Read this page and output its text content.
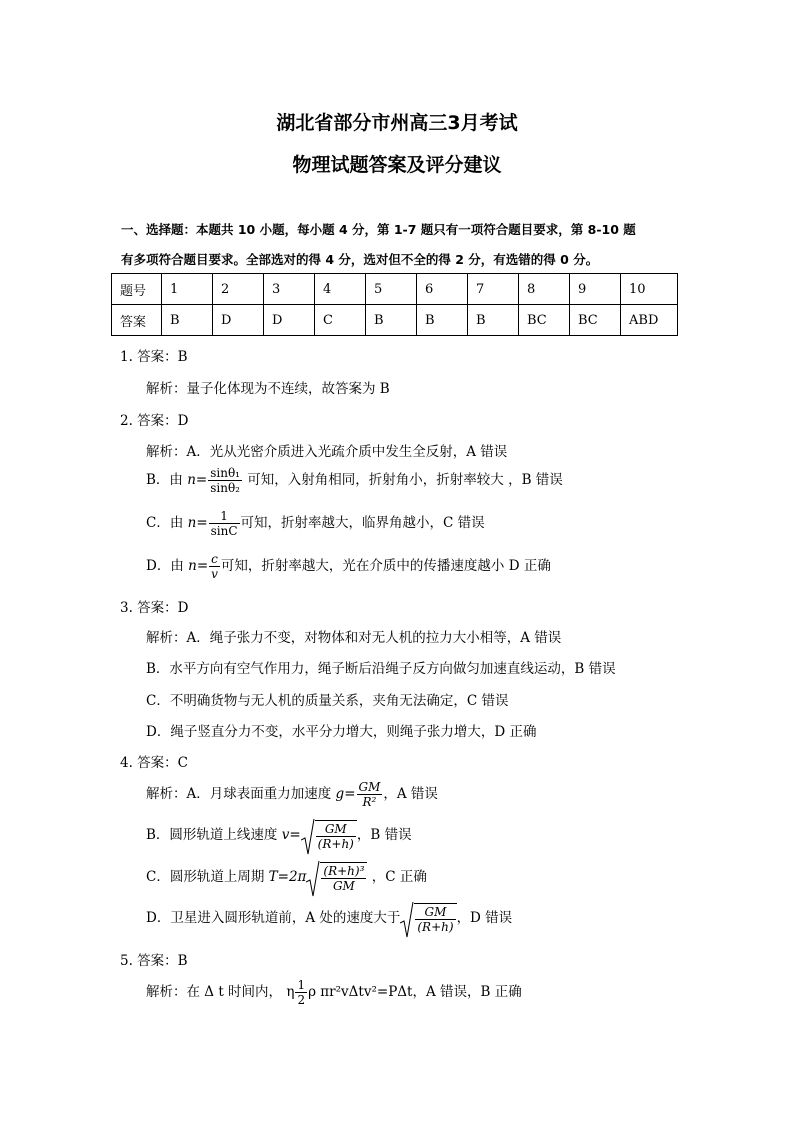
湖北省部分市州高三3月考试
物理试题答案及评分建议
一、选择题：本题共 10 小题，每小题 4 分，第 1-7 题只有一项符合题目要求，第 8-10 题
有多项符合题目要求。全部选对的得 4 分，选对但不全的得 2 分，有选错的得 0 分。
题号	1	2	3	4	5	6	7	8	9	10
答案	B	D	D	C	B	B	B	BC	BC	ABD
1. 答案：B
解析：量子化体现为不连续，故答案为 B
2. 答案：D
解析：A．光从光密介质进入光疏介质中发生全反射，A 错误
B．由 $n= \frac{\text{sinθ₁}}{\text{sinθ₂}}$ 可知，入射角相同，折射角小，折射率较大 ，B 错误
C．由 $n= \frac{1}{\sin C}$ 可知，折射率越大，临界角越小，C 错误
D．由 $n= \frac{c}{v}$ 可知，折射率越大，光在介质中的传播速度越小 D 正确
3. 答案：D
解析：A．绳子张力不变，对物体和对无人机的拉力大小相等，A 错误
B．水平方向有空气作用力，绳子断后沿绳子反方向做匀加速直线运动，B 错误
C．不明确货物与无人机的质量关系，夹角无法确定，C 错误
D．绳子竖直分力不变，水平分力增大，则绳子张力增大，D 正确
4. 答案：C
解析：A．月球表面重力加速度 $g= \frac{GM}{\text{R²}}$ ，A 错误
B．圆形轨道上线速度 $v= \frac{GM}{(R+h)}$ ，B 错误
C．圆形轨道上周期 $T=2\pi \frac{\text{(R+h)³}}{GM}$ ，C 正确
D．卫星进入圆形轨道前，A 处的速度大于 $\frac{GM}{(R+h)}$ ，D 错误
5. 答案：B
解析：在 Δ t 时间内， η $\frac{1}{2}$ ρ πr²vΔtv²=PΔt，A 错误，B 正确
